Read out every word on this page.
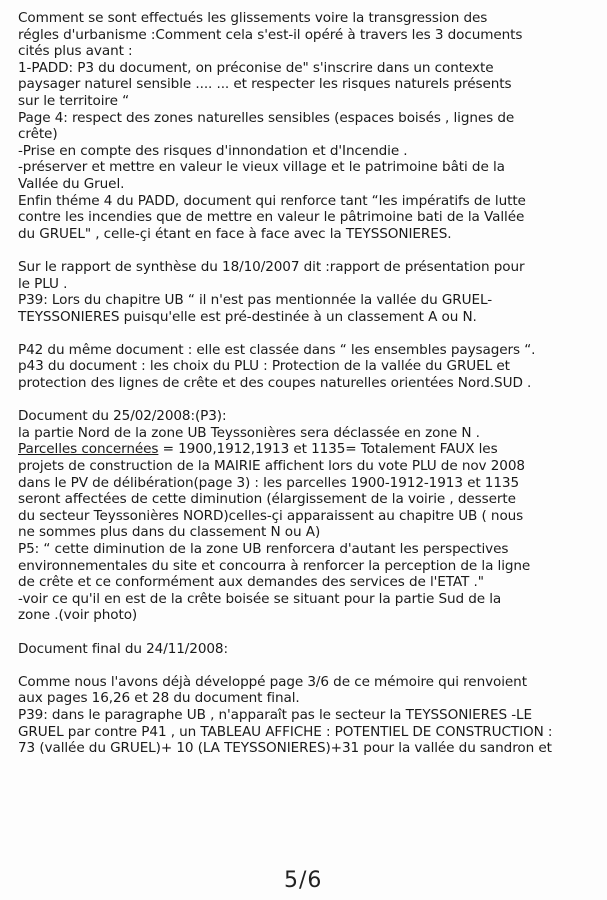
Comment se sont effectués les glissements voire la transgression des
régles d'urbanisme :Comment cela s'est-il opéré à travers les 3 documents
cités plus avant :
1-PADD: P3 du document, on préconise de" s'inscrire dans un contexte
paysager naturel sensible .... ... et respecter les risques naturels présents
sur le territoire “
Page 4: respect des zones naturelles sensibles (espaces boisés , lignes de
crête)
-Prise en compte des risques d'innondation et d'Incendie .
-préserver et mettre en valeur le vieux village et le patrimoine bâti de la
Vallée du Gruel.
Enfin théme 4 du PADD, document qui renforce tant “les impératifs de lutte
contre les incendies que de mettre en valeur le pâtrimoine bati de la Vallée
du GRUEL" , celle-çi étant en face à face avec la TEYSSONIERES.
Sur le rapport de synthèse du 18/10/2007 dit :rapport de présentation pour
le PLU .
P39: Lors du chapitre UB “ il n'est pas mentionnée la vallée du GRUEL-
TEYSSONIERES puisqu'elle est pré-destinée à un classement A ou N.
P42 du même document : elle est classée dans “ les ensembles paysagers “.
p43 du document : les choix du PLU : Protection de la vallée du GRUEL et
protection des lignes de crête et des coupes naturelles orientées Nord.SUD .
Document du 25/02/2008:(P3):
la partie Nord de la zone UB Teyssonières sera déclassée en zone N .
Parcelles concernées = 1900,1912,1913 et 1135= Totalement FAUX les
projets de construction de la MAIRIE affichent lors du vote PLU de nov 2008
dans le PV de délibération(page 3) : les parcelles 1900-1912-1913 et 1135
seront affectées de cette diminution (élargissement de la voirie , desserte
du secteur Teyssonières NORD)celles-çi apparaissent au chapitre UB ( nous
ne sommes plus dans du classement N ou A)
P5: “ cette diminution de la zone UB renforcera d'autant les perspectives
environnementales du site et concourra à renforcer la perception de la ligne
de crête et ce conformément aux demandes des services de l'ETAT ."
-voir ce qu'il en est de la crête boisée se situant pour la partie Sud de la
zone .(voir photo)
Document final du 24/11/2008:
Comme nous l'avons déjà développé page 3/6 de ce mémoire qui renvoient
aux pages 16,26 et 28 du document final.
P39: dans le paragraphe UB , n'apparaît pas le secteur la TEYSSONIERES -LE
GRUEL par contre P41 , un TABLEAU AFFICHE : POTENTIEL DE CONSTRUCTION :
73 (vallée du GRUEL)+ 10 (LA TEYSSONIERES)+31 pour la vallée du sandron et
5/6
